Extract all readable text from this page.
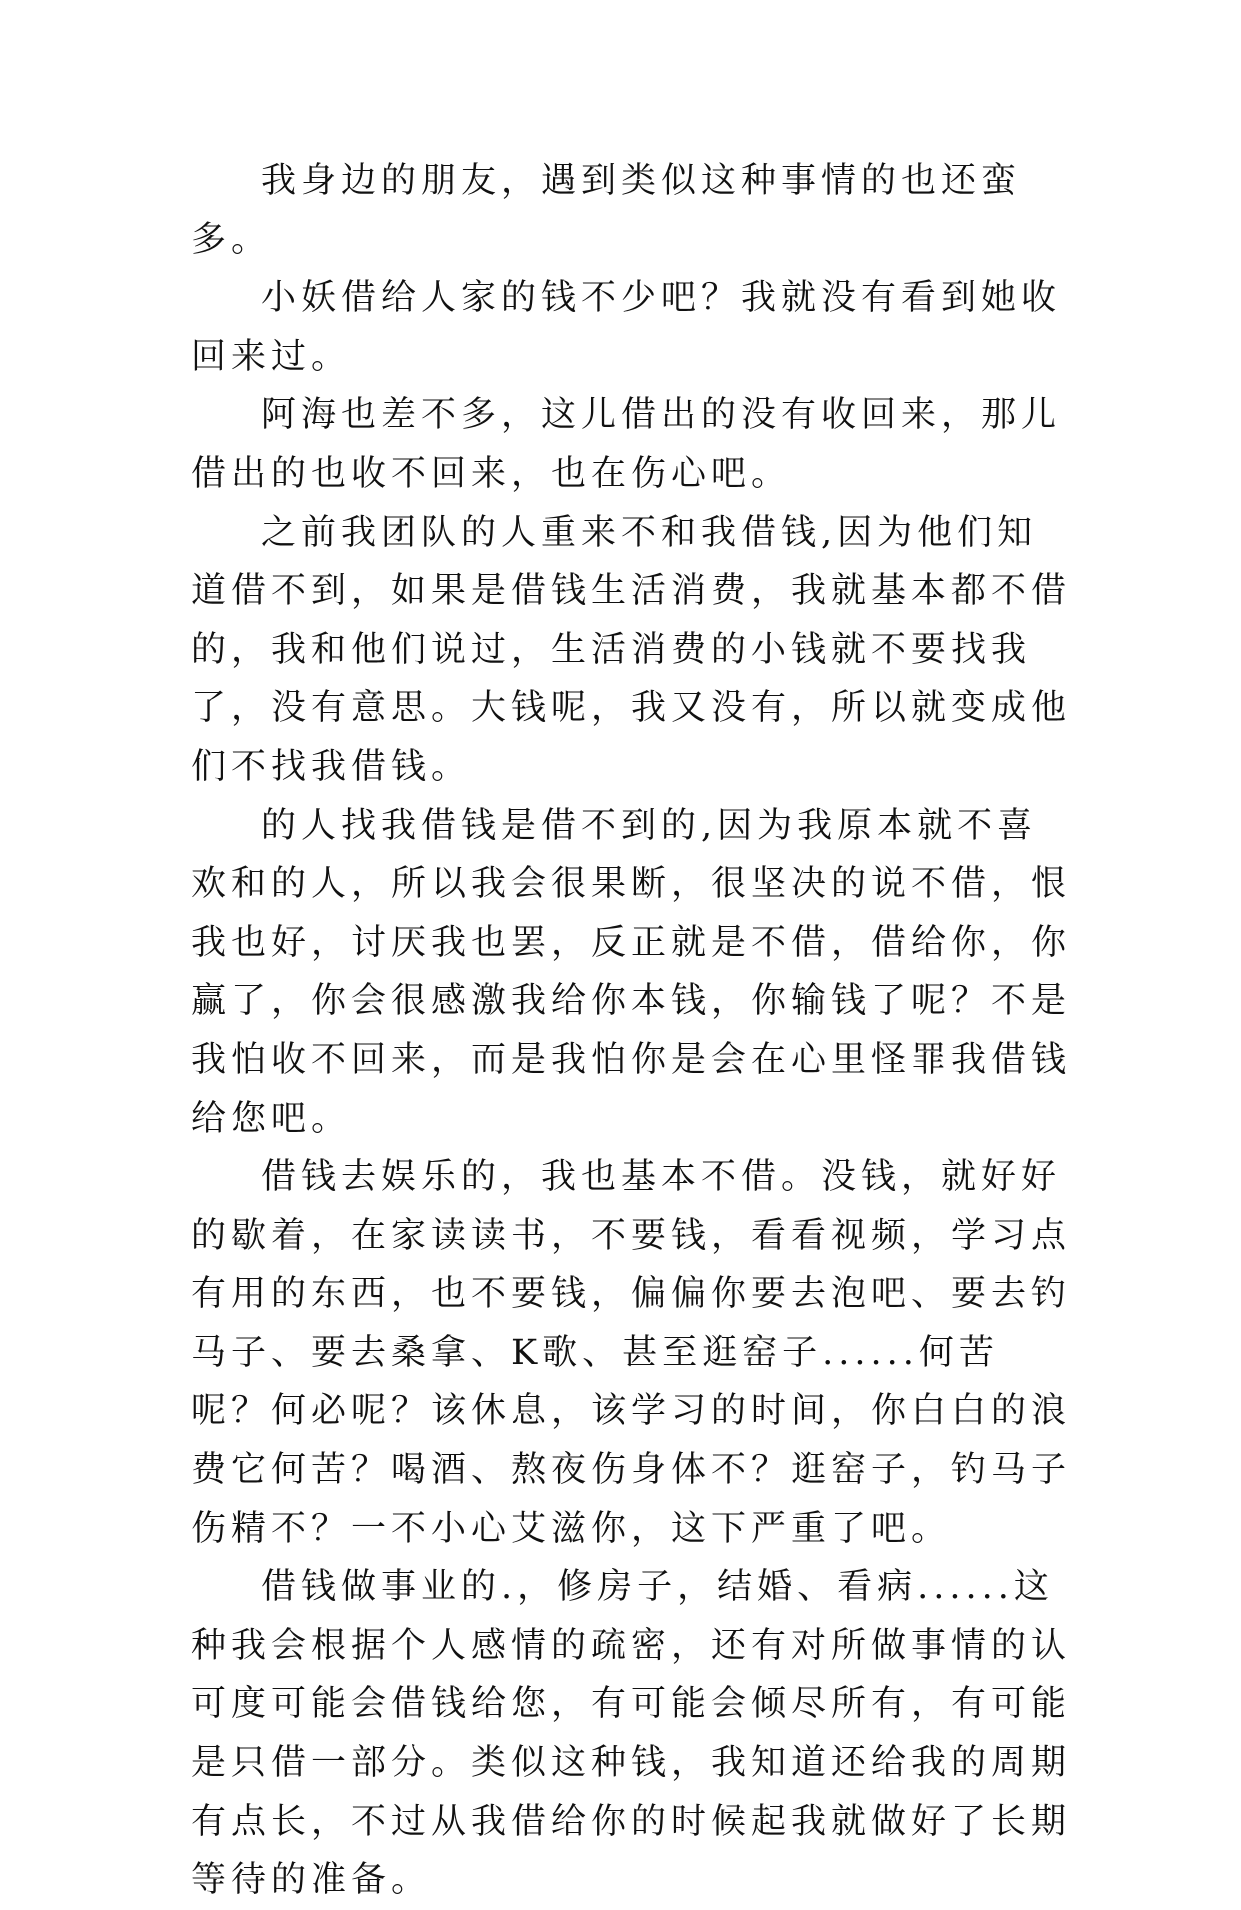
我身边的朋友，遇到类似这种事情的也还蛮多。

小妖借给人家的钱不少吧？我就没有看到她收回来过。

阿海也差不多，这儿借出的没有收回来，那儿借出的也收不回来，也在伤心吧。

之前我团队的人重来不和我借钱,因为他们知道借不到，如果是借钱生活消费，我就基本都不借的，我和他们说过，生活消费的小钱就不要找我了，没有意思。大钱呢，我又没有，所以就变成他们不找我借钱。

的人找我借钱是借不到的,因为我原本就不喜欢和的人，所以我会很果断，很坚决的说不借，恨我也好，讨厌我也罢，反正就是不借，借给你，你赢了，你会很感激我给你本钱，你输钱了呢？不是我怕收不回来，而是我怕你是会在心里怪罪我借钱给您吧。

借钱去娱乐的，我也基本不借。没钱，就好好的歇着，在家读读书，不要钱，看看视频，学习点有用的东西，也不要钱，偏偏你要去泡吧、要去钓马子、要去桑拿、K歌、甚至逛窑子......何苦呢？何必呢？该休息，该学习的时间，你白白的浪费它何苦？喝酒、熬夜伤身体不？逛窑子，钓马子伤精不？一不小心艾滋你，这下严重了吧。

借钱做事业的.，修房子，结婚、看病......这种我会根据个人感情的疏密，还有对所做事情的认可度可能会借钱给您，有可能会倾尽所有，有可能是只借一部分。类似这种钱，我知道还给我的周期有点长，不过从我借给你的时候起我就做好了长期等待的准备。
